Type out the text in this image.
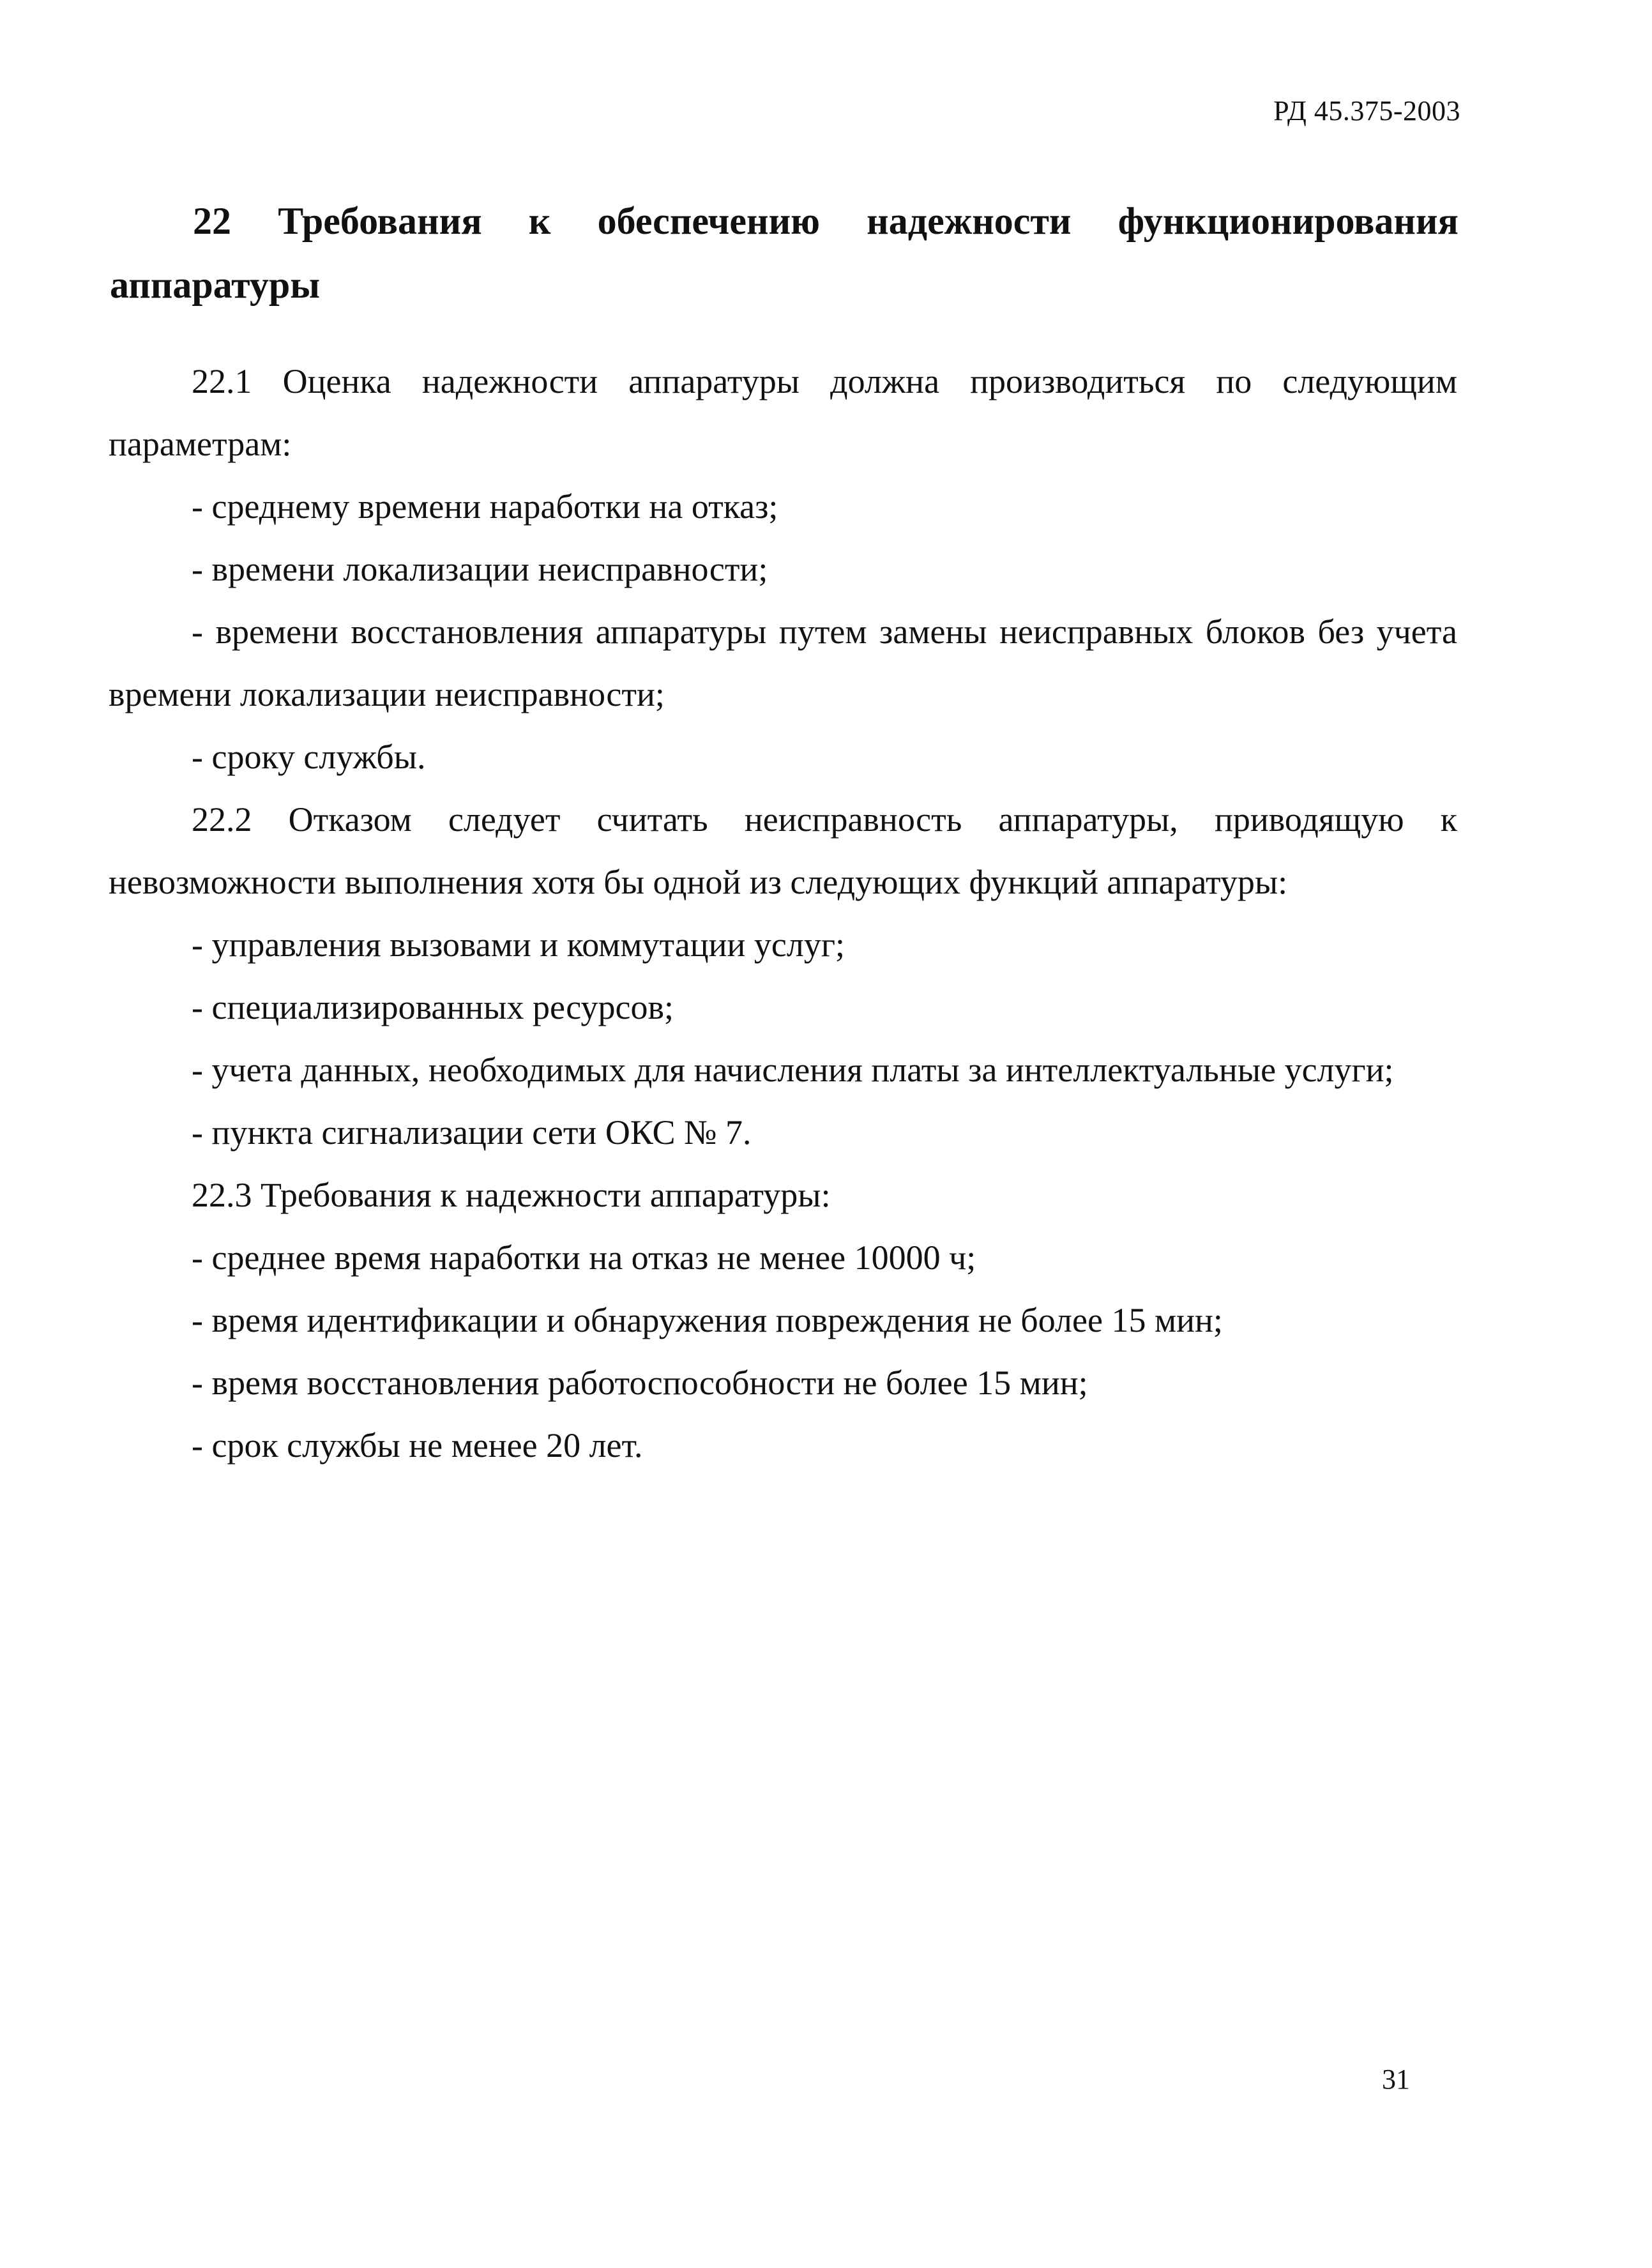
РД 45.375-2003
22 Требования к обеспечению надежности функционирования аппаратуры

22.1 Оценка надежности аппаратуры должна производиться по следующим параметрам:

- среднему времени наработки на отказ;

- времени локализации неисправности;

- времени восстановления аппаратуры путем замены неисправных блоков без учета времени локализации неисправности;

- сроку службы.

22.2 Отказом следует считать неисправность аппаратуры, приводящую к невозможности выполнения хотя бы одной из следующих функций аппаратуры:

- управления вызовами и коммутации услуг;

- специализированных ресурсов;

- учета данных, необходимых для начисления платы за интеллектуальные услуги;

- пункта сигнализации сети ОКС № 7.

22.3 Требования к надежности аппаратуры:

- среднее время наработки на отказ не менее 10000 ч;

- время идентификации и обнаружения повреждения не более 15 мин;

- время восстановления работоспособности не более 15 мин;

- срок службы не менее 20 лет.

31
